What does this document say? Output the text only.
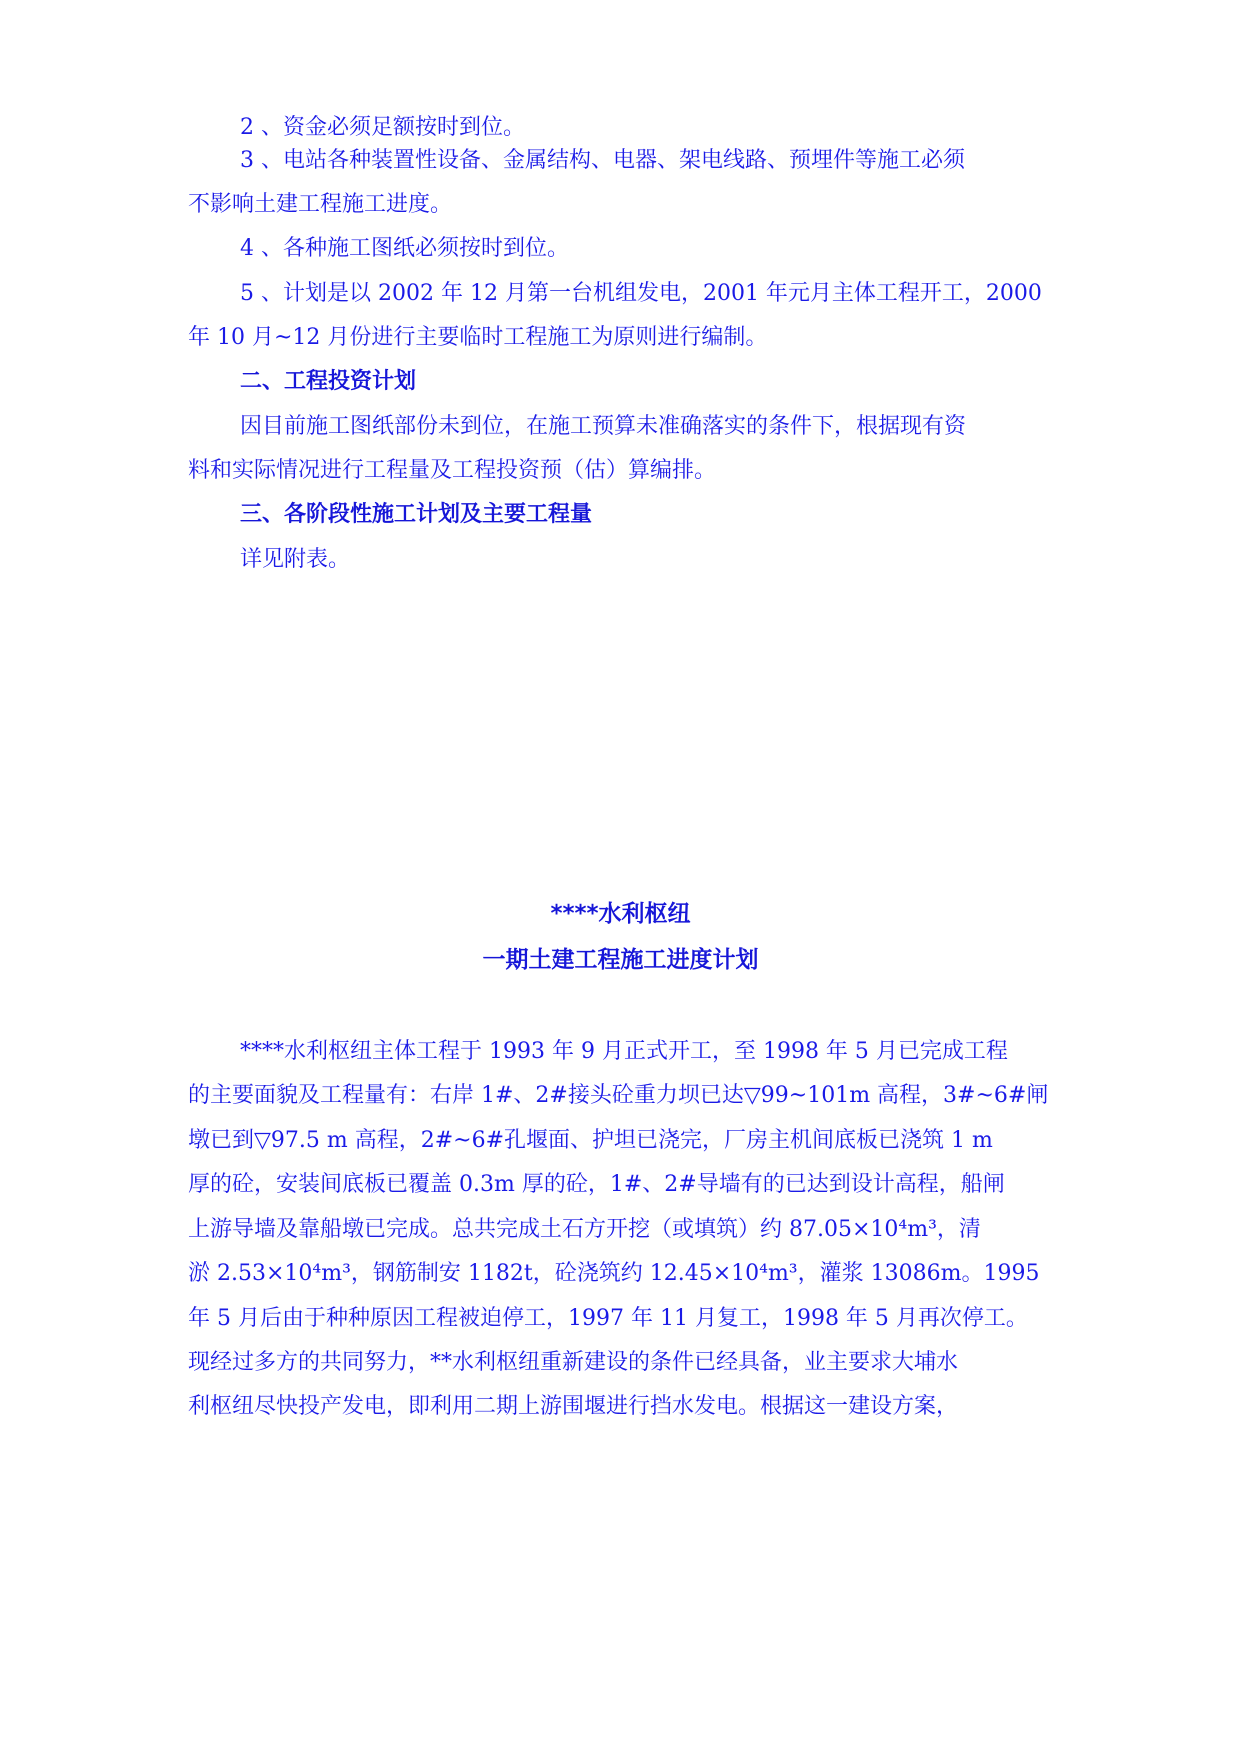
2 、资金必须足额按时到位。
3 、电站各种装置性设备、金属结构、电器、架电线路、预埋件等施工必须
不影响土建工程施工进度。
4 、各种施工图纸必须按时到位。
5 、计划是以 2002 年 12 月第一台机组发电，2001 年元月主体工程开工，2000
年 10 月~12 月份进行主要临时工程施工为原则进行编制。
二、工程投资计划
因目前施工图纸部份未到位，在施工预算未准确落实的条件下，根据现有资
料和实际情况进行工程量及工程投资预（估）算编排。
三、各阶段性施工计划及主要工程量
详见附表。
****水利枢纽
一期土建工程施工进度计划
****水利枢纽主体工程于 1993 年 9 月正式开工，至 1998 年 5 月已完成工程
的主要面貌及工程量有：右岸 1#、2#接头砼重力坝已达▽99~101m 高程，3#~6#闸
墩已到▽97.5 m 高程，2#~6#孔堰面、护坦已浇完，厂房主机间底板已浇筑 1 m
厚的砼，安装间底板已覆盖 0.3m 厚的砼，1#、2#导墙有的已达到设计高程，船闸
上游导墙及靠船墩已完成。总共完成土石方开挖（或填筑）约 87.05×10⁴m³，清
淤 2.53×10⁴m³，钢筋制安 1182t，砼浇筑约 12.45×10⁴m³，灌浆 13086m。1995
年 5 月后由于种种原因工程被迫停工，1997 年 11 月复工，1998 年 5 月再次停工。
现经过多方的共同努力，**水利枢纽重新建设的条件已经具备，业主要求大埔水
利枢纽尽快投产发电，即利用二期上游围堰进行挡水发电。根据这一建设方案，
